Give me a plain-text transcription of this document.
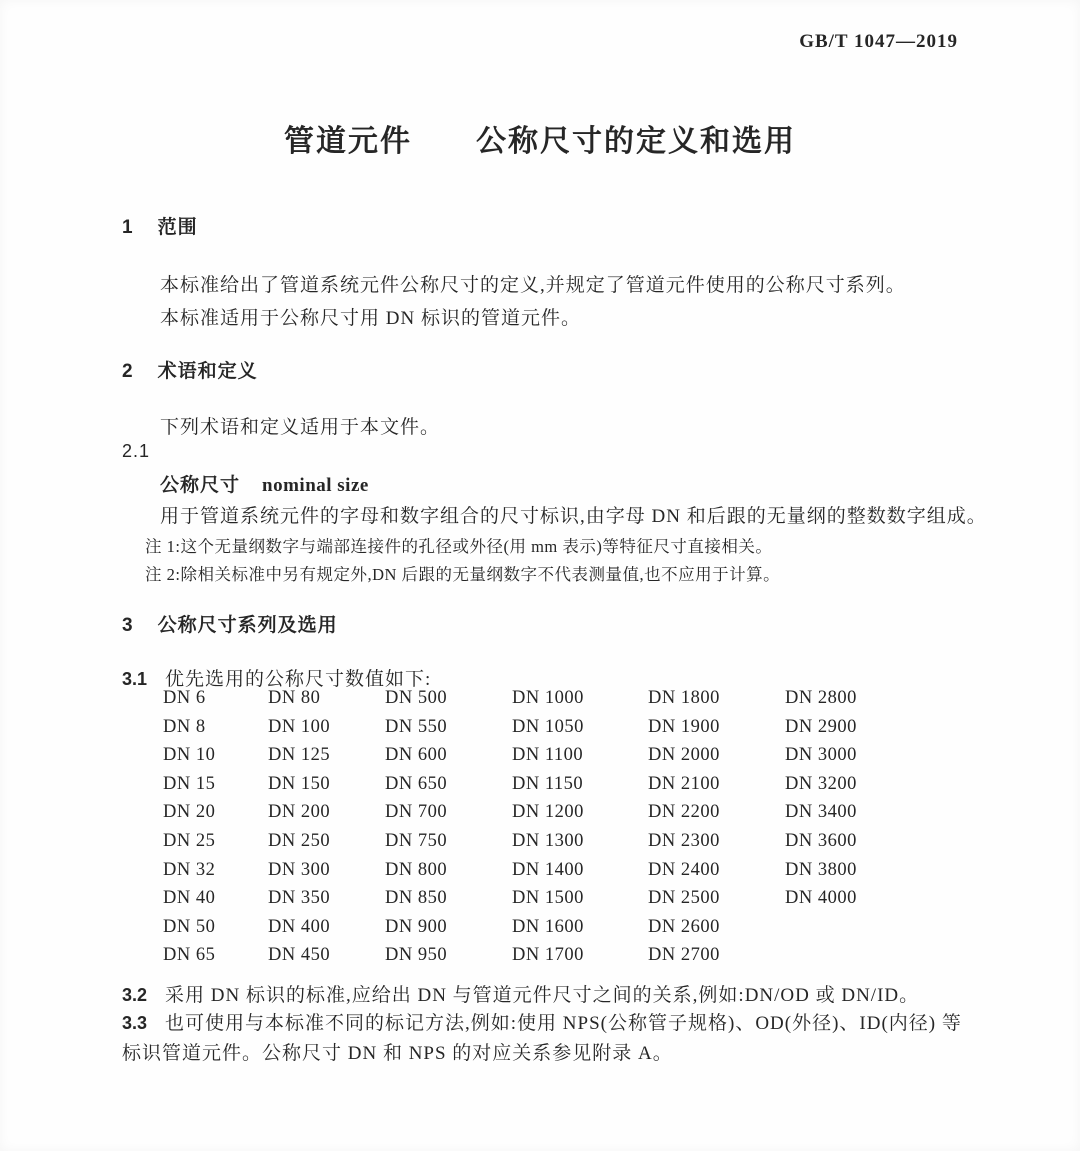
GB/T 1047—2019
管道元件　　公称尺寸的定义和选用
1 范围
本标准给出了管道系统元件公称尺寸的定义,并规定了管道元件使用的公称尺寸系列。
本标准适用于公称尺寸用 DN 标识的管道元件。
2 术语和定义
下列术语和定义适用于本文件。
2.1
公称尺寸 nominal size
用于管道系统元件的字母和数字组合的尺寸标识,由字母 DN 和后跟的无量纲的整数数字组成。
注 1:这个无量纲数字与端部连接件的孔径或外径(用 mm 表示)等特征尺寸直接相关。
注 2:除相关标准中另有规定外,DN 后跟的无量纲数字不代表测量值,也不应用于计算。
3 公称尺寸系列及选用
3.1 优先选用的公称尺寸数值如下:
DN 6	DN 80	DN 500	DN 1000	DN 1800	DN 2800
DN 8	DN 100	DN 550	DN 1050	DN 1900	DN 2900
DN 10	DN 125	DN 600	DN 1100	DN 2000	DN 3000
DN 15	DN 150	DN 650	DN 1150	DN 2100	DN 3200
DN 20	DN 200	DN 700	DN 1200	DN 2200	DN 3400
DN 25	DN 250	DN 750	DN 1300	DN 2300	DN 3600
DN 32	DN 300	DN 800	DN 1400	DN 2400	DN 3800
DN 40	DN 350	DN 850	DN 1500	DN 2500	DN 4000
DN 50	DN 400	DN 900	DN 1600	DN 2600
DN 65	DN 450	DN 950	DN 1700	DN 2700
3.2 采用 DN 标识的标准,应给出 DN 与管道元件尺寸之间的关系,例如:DN/OD 或 DN/ID。
3.3 也可使用与本标准不同的标记方法,例如:使用 NPS(公称管子规格)、OD(外径)、ID(内径) 等标识管道元件。公称尺寸 DN 和 NPS 的对应关系参见附录 A。
